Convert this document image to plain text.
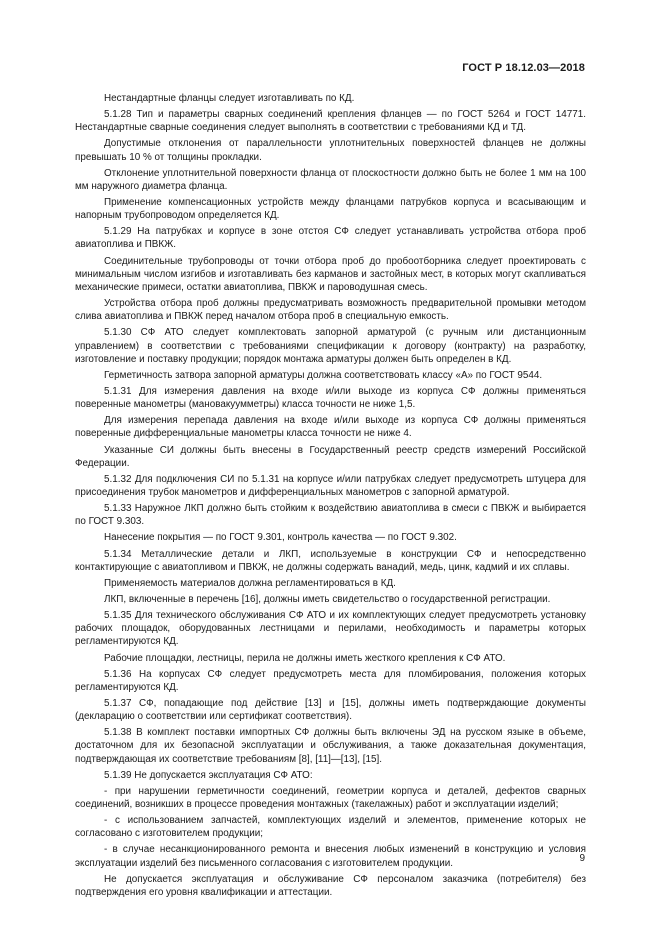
ГОСТ Р 18.12.03—2018

Нестандартные фланцы следует изготавливать по КД.

5.1.28 Тип и параметры сварных соединений крепления фланцев — по ГОСТ 5264 и ГОСТ 14771. Нестандартные сварные соединения следует выполнять в соответствии с требованиями КД и ТД.

Допустимые отклонения от параллельности уплотнительных поверхностей фланцев не должны превышать 10 % от толщины прокладки.

Отклонение уплотнительной поверхности фланца от плоскостности должно быть не более 1 мм на 100 мм наружного диаметра фланца.

Применение компенсационных устройств между фланцами патрубков корпуса и всасывающим и напорным трубопроводом определяется КД.

5.1.29 На патрубках и корпусе в зоне отстоя СФ следует устанавливать устройства отбора проб авиатоплива и ПВКЖ.

Соединительные трубопроводы от точки отбора проб до пробоотборника следует проектировать с минимальным числом изгибов и изготавливать без карманов и застойных мест, в которых могут скапливаться механические примеси, остатки авиатоплива, ПВКЖ и пароводушная смесь.

Устройства отбора проб должны предусматривать возможность предварительной промывки методом слива авиатоплива и ПВКЖ перед началом отбора проб в специальную емкость.

5.1.30 СФ АТО следует комплектовать запорной арматурой (с ручным или дистанционным управлением) в соответствии с требованиями спецификации к договору (контракту) на разработку, изготовление и поставку продукции; порядок монтажа арматуры должен быть определен в КД.

Герметичность затвора запорной арматуры должна соответствовать классу «А» по ГОСТ 9544.

5.1.31 Для измерения давления на входе и/или выходе из корпуса СФ должны применяться поверенные манометры (мановакуумметры) класса точности не ниже 1,5.

Для измерения перепада давления на входе и/или выходе из корпуса СФ должны применяться поверенные дифференциальные манометры класса точности не ниже 4.

Указанные СИ должны быть внесены в Государственный реестр средств измерений Российской Федерации.

5.1.32 Для подключения СИ по 5.1.31 на корпусе и/или патрубках следует предусмотреть штуцера для присоединения трубок манометров и дифференциальных манометров с запорной арматурой.

5.1.33 Наружное ЛКП должно быть стойким к воздействию авиатоплива в смеси с ПВКЖ и выбирается по ГОСТ 9.303.

Нанесение покрытия — по ГОСТ 9.301, контроль качества — по ГОСТ 9.302.

5.1.34 Металлические детали и ЛКП, используемые в конструкции СФ и непосредственно контактирующие с авиатопливом и ПВКЖ, не должны содержать ванадий, медь, цинк, кадмий и их сплавы.

Применяемость материалов должна регламентироваться в КД.

ЛКП, включенные в перечень [16], должны иметь свидетельство о государственной регистрации.

5.1.35 Для технического обслуживания СФ АТО и их комплектующих следует предусмотреть установку рабочих площадок, оборудованных лестницами и перилами, необходимость и параметры которых регламентируются КД.

Рабочие площадки, лестницы, перила не должны иметь жесткого крепления к СФ АТО.

5.1.36 На корпусах СФ следует предусмотреть места для пломбирования, положения которых регламентируются КД.

5.1.37 СФ, попадающие под действие [13] и [15], должны иметь подтверждающие документы (декларацию о соответствии или сертификат соответствия).

5.1.38 В комплект поставки импортных СФ должны быть включены ЭД на русском языке в объеме, достаточном для их безопасной эксплуатации и обслуживания, а также доказательная документация, подтверждающая их соответствие требованиям [8], [11]—[13], [15].

5.1.39 Не допускается эксплуатация СФ АТО:

- при нарушении герметичности соединений, геометрии корпуса и деталей, дефектов сварных соединений, возникших в процессе проведения монтажных (такелажных) работ и эксплуатации изделий;

- с использованием запчастей, комплектующих изделий и элементов, применение которых не согласовано с изготовителем продукции;

- в случае несанкционированного ремонта и внесения любых изменений в конструкцию и условия эксплуатации изделий без письменного согласования с изготовителем продукции.

Не допускается эксплуатация и обслуживание СФ персоналом заказчика (потребителя) без подтверждения его уровня квалификации и аттестации.

9
